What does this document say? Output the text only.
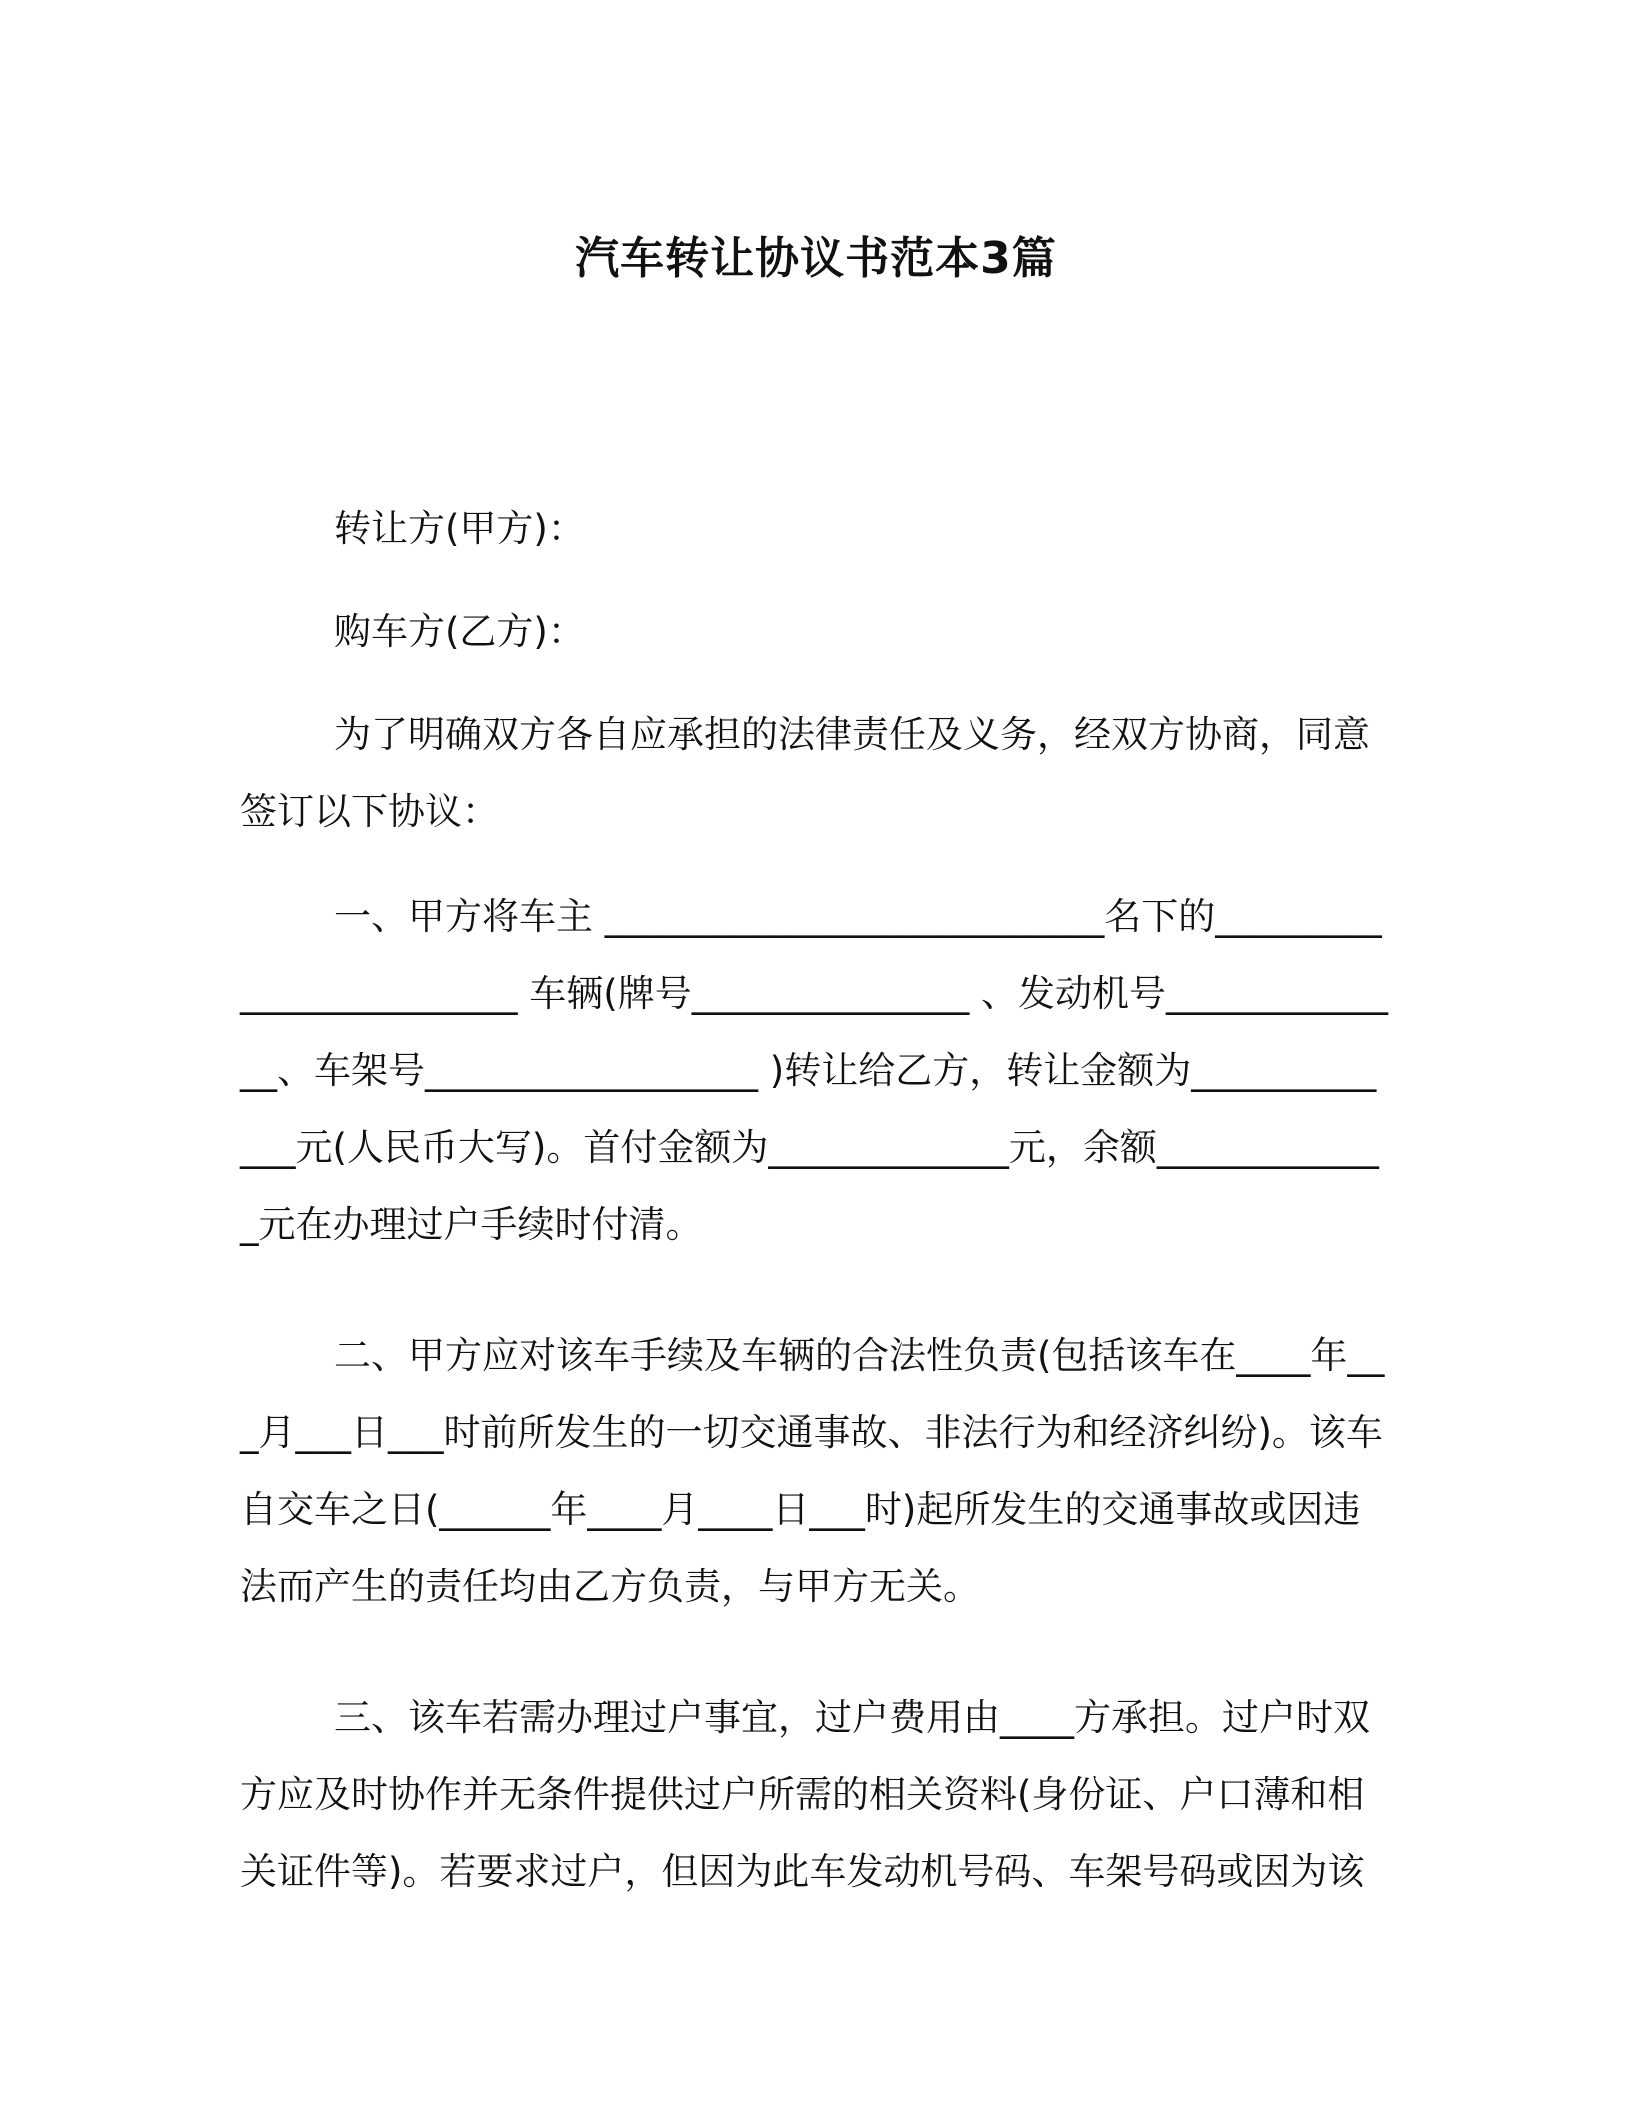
汽车转让协议书范本3篇

转让方(甲方)：

购车方(乙方)：

为了明确双方各自应承担的法律责任及义务，经双方协商，同意签订以下协议：

一、甲方将车主 ___________________________名下的________________________ 车辆(牌号_______________ 、发动机号______________、车架号__________________ )转让给乙方，转让金额为_____________元(人民币大写)。首付金额为_____________元，余额_____________元在办理过户手续时付清。

二、甲方应对该车手续及车辆的合法性负责(包括该车在____年___月___日___时前所发生的一切交通事故、非法行为和经济纠纷)。该车自交车之日(______年____月____日___时)起所发生的交通事故或因违法而产生的责任均由乙方负责，与甲方无关。

三、该车若需办理过户事宜，过户费用由____方承担。过户时双方应及时协作并无条件提供过户所需的相关资料(身份证、户口薄和相关证件等)。若要求过户，但因为此车发动机号码、车架号码或因为该
